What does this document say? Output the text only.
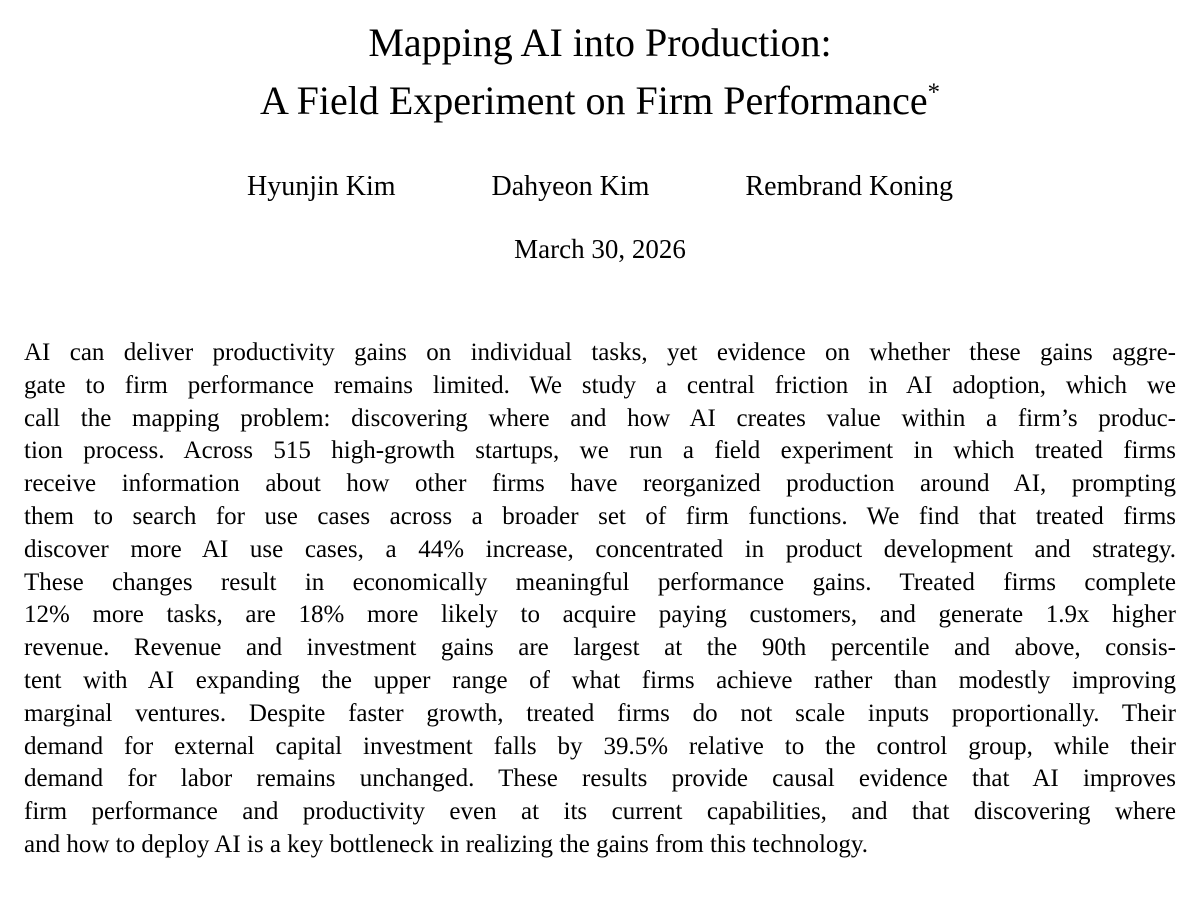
Mapping AI into Production:
A Field Experiment on Firm Performance*
Hyunjin Kim	Dahyeon Kim	Rembrand Koning
March 30, 2026
AI can deliver productivity gains on individual tasks, yet evidence on whether these gains aggre-
gate to firm performance remains limited. We study a central friction in AI adoption, which we
call the mapping problem: discovering where and how AI creates value within a firm’s produc-
tion process. Across 515 high-growth startups, we run a field experiment in which treated firms
receive information about how other firms have reorganized production around AI, prompting
them to search for use cases across a broader set of firm functions. We find that treated firms
discover more AI use cases, a 44% increase, concentrated in product development and strategy.
These changes result in economically meaningful performance gains. Treated firms complete
12% more tasks, are 18% more likely to acquire paying customers, and generate 1.9x higher
revenue. Revenue and investment gains are largest at the 90th percentile and above, consis-
tent with AI expanding the upper range of what firms achieve rather than modestly improving
marginal ventures. Despite faster growth, treated firms do not scale inputs proportionally. Their
demand for external capital investment falls by 39.5% relative to the control group, while their
demand for labor remains unchanged. These results provide causal evidence that AI improves
firm performance and productivity even at its current capabilities, and that discovering where
and how to deploy AI is a key bottleneck in realizing the gains from this technology.
